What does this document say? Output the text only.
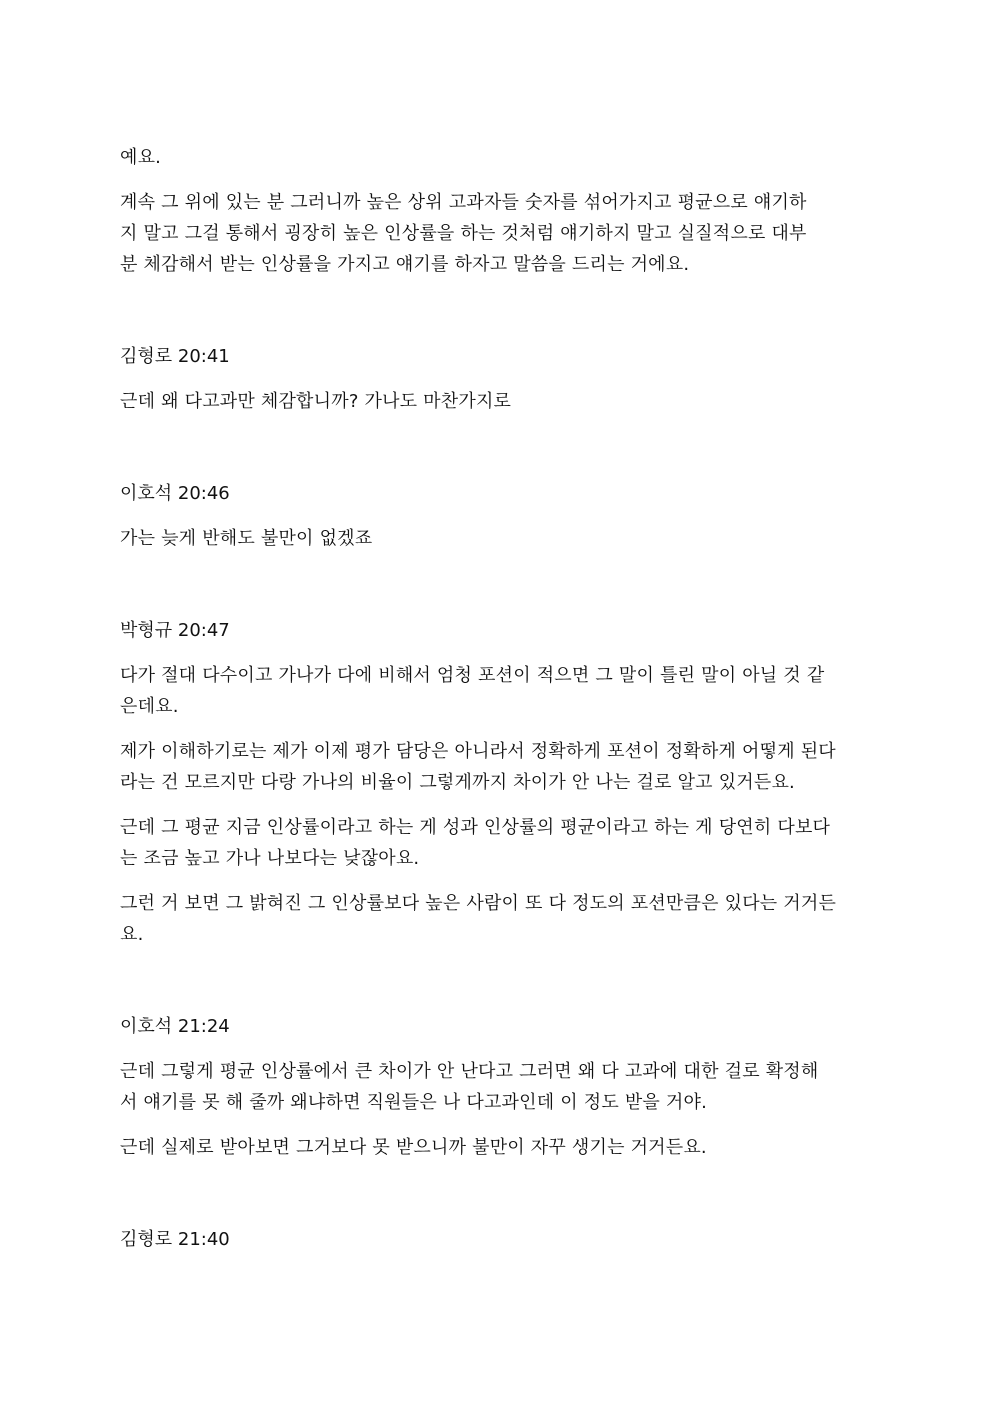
예요.

계속 그 위에 있는 분 그러니까 높은 상위 고과자들 숫자를 섞어가지고 평균으로 얘기하
지 말고 그걸 통해서 굉장히 높은 인상률을 하는 것처럼 얘기하지 말고 실질적으로 대부
분 체감해서 받는 인상률을 가지고 얘기를 하자고 말씀을 드리는 거에요.

김형로 20:41

근데 왜 다고과만 체감합니까? 가나도 마찬가지로

이호석 20:46

가는 늦게 반해도 불만이 없겠죠

박형규 20:47

다가 절대 다수이고 가나가 다에 비해서 엄청 포션이 적으면 그 말이 틀린 말이 아닐 것 같
은데요.

제가 이해하기로는 제가 이제 평가 담당은 아니라서 정확하게 포션이 정확하게 어떻게 된다
라는 건 모르지만 다랑 가나의 비율이 그렇게까지 차이가 안 나는 걸로 알고 있거든요.

근데 그 평균 지금 인상률이라고 하는 게 성과 인상률의 평균이라고 하는 게 당연히 다보다
는 조금 높고 가나 나보다는 낮잖아요.

그런 거 보면 그 밝혀진 그 인상률보다 높은 사람이 또 다 정도의 포션만큼은 있다는 거거든
요.

이호석 21:24

근데 그렇게 평균 인상률에서 큰 차이가 안 난다고 그러면 왜 다 고과에 대한 걸로 확정해
서 얘기를 못 해 줄까 왜냐하면 직원들은 나 다고과인데 이 정도 받을 거야.

근데 실제로 받아보면 그거보다 못 받으니까 불만이 자꾸 생기는 거거든요.

김형로 21:40
